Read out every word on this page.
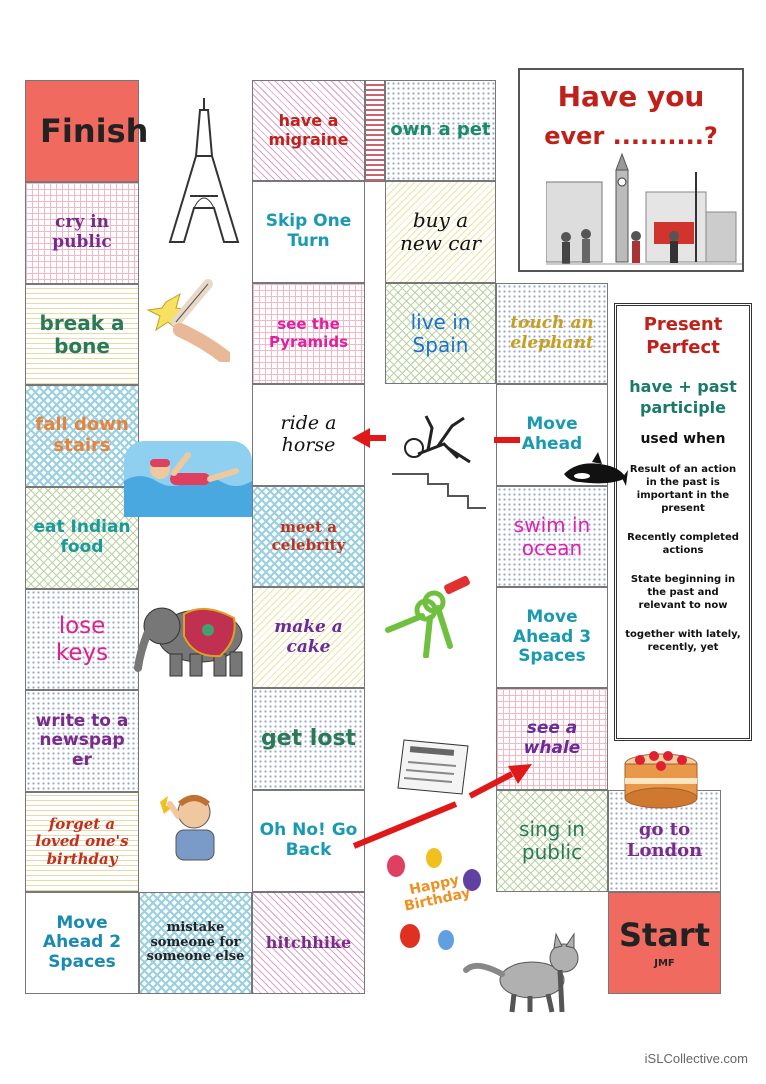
Finish
cry in public
break a bone
fall down stairs
eat Indian food
lose keys
write to a newspap er
forget a loved one's birthday
Move Ahead 2 Spaces
mistake someone for someone else
hitchhike
Oh No! Go Back
get lost
make a cake
meet a celebrity
ride a horse
see the Pyramids
Skip One Turn
have a migraine	own a pet
buy a new car
live in Spain
touch an elephant
Move Ahead
swim in ocean
Move Ahead 3 Spaces
see a whale
sing in public
go to London
Start
JMF
Have you
ever ..........?
Present Perfect
have + past participle
used when
Result of an action in the past is important in the present
Recently completed actions
State beginning in the past and relevant to now
together with lately, recently, yet
Happy Birthday
iSLCollective.com
